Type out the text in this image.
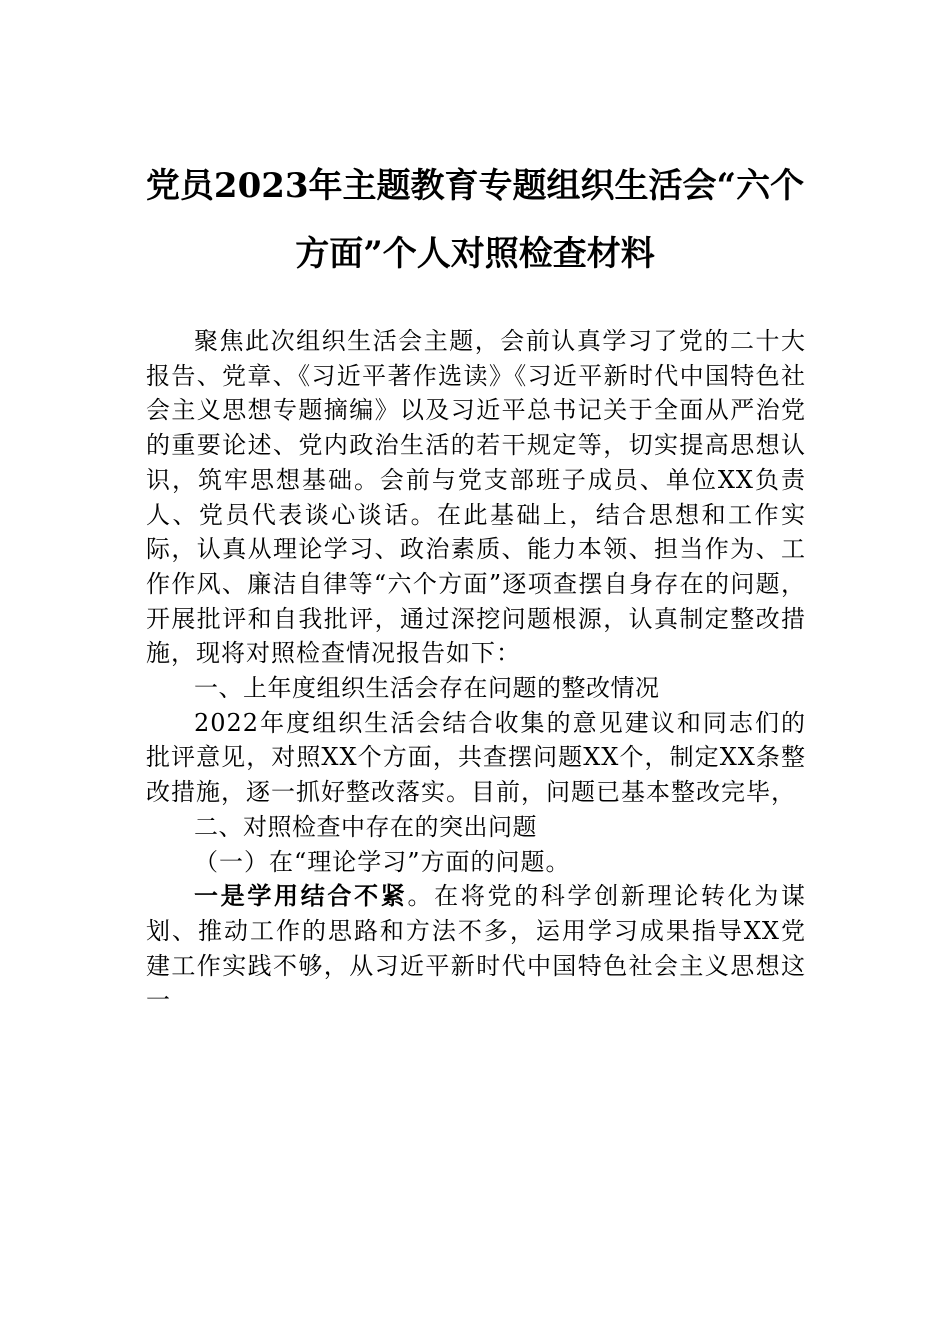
党员2023年主题教育专题组织生活会“六个方面”个人对照检查材料

聚焦此次组织生活会主题，会前认真学习了党的二十大报告、党章、《习近平著作选读》《习近平新时代中国特色社会主义思想专题摘编》以及习近平总书记关于全面从严治党的重要论述、党内政治生活的若干规定等，切实提高思想认识，筑牢思想基础。会前与党支部班子成员、单位XX负责人、党员代表谈心谈话。在此基础上，结合思想和工作实际，认真从理论学习、政治素质、能力本领、担当作为、工作作风、廉洁自律等“六个方面”逐项查摆自身存在的问题，开展批评和自我批评，通过深挖问题根源，认真制定整改措施，现将对照检查情况报告如下：

一、上年度组织生活会存在问题的整改情况

2022年度组织生活会结合收集的意见建议和同志们的批评意见，对照XX个方面，共查摆问题XX个，制定XX条整改措施，逐一抓好整改落实。目前，问题已基本整改完毕，

二、对照检查中存在的突出问题

（一）在“理论学习”方面的问题。

一是学用结合不紧。在将党的科学创新理论转化为谋划、推动工作的思路和方法不多，运用学习成果指导XX党建工作实践不够，从习近平新时代中国特色社会主义思想这一
